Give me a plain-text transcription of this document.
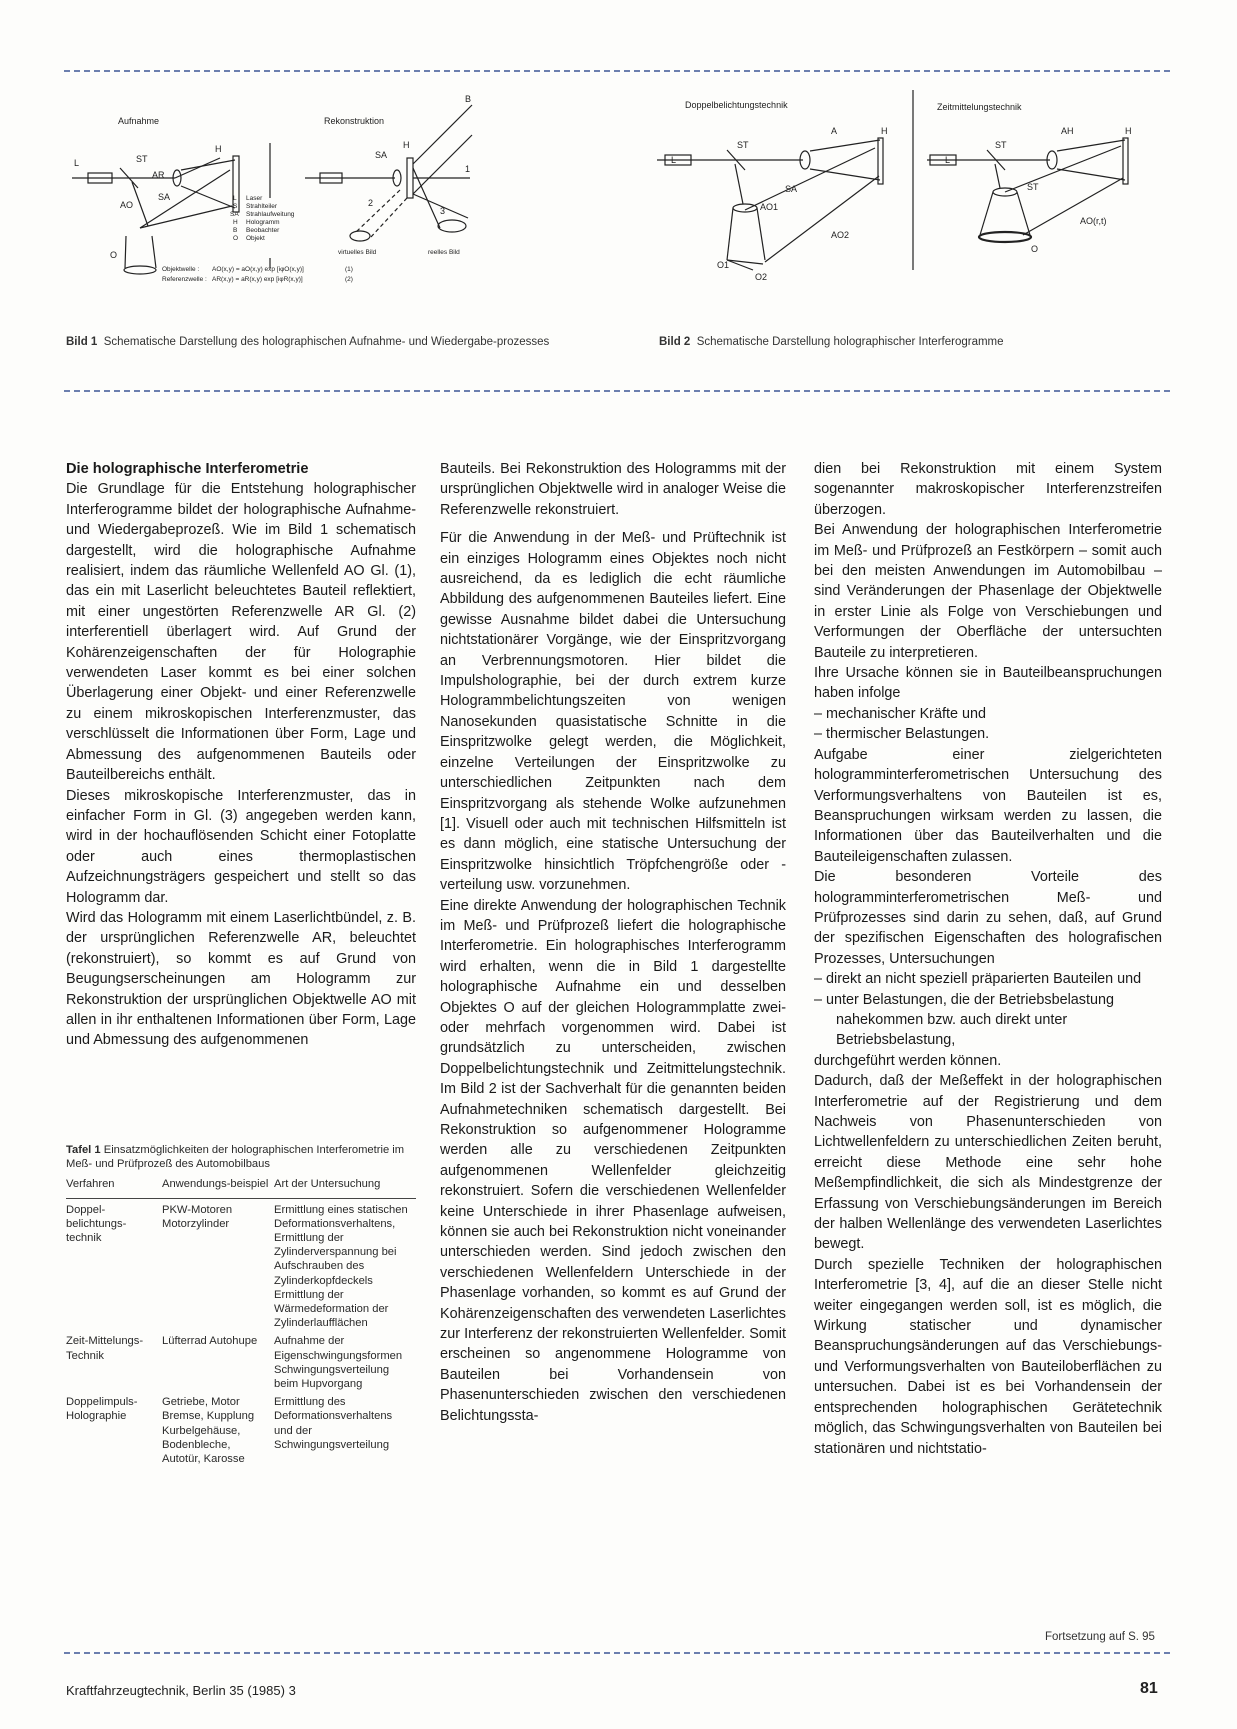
Aufnahme	Rekonstruktion
L	ST
AR
SA
H
AO
O
B
SA
H
1
2
3
L Laser
S Strahlteiler
SA Strahlaufweitung
H Hologramm
B Beobachter
O Objekt
virtuelles Bild	reelles Bild
Objektwelle : AO(x,y) = aO(x,y) exp [iφO(x,y)]	(1)
Referenzwelle : AR(x,y) = aR(x,y) exp [iφR(x,y)]	(2)
Doppelbelichtungstechnik	Zeitmittelungstechnik
L
ST
A	H
SA
AO1
AO2
O1
O2
L
ST
AH	H
ST
AO(r,t)
O
Bild 1 Schematische Darstellung des holographischen Aufnahme- und Wiedergabe-prozesses	Bild 2 Schematische Darstellung holographischer Interferogramme

Die holographische Interferometrie

Die Grundlage für die Entstehung holographischer Interferogramme bildet der holographische Aufnahme- und Wiedergabeprozeß. Wie im Bild 1 schematisch dargestellt, wird die holographische Aufnahme realisiert, indem das räumliche Wellenfeld AO Gl. (1), das ein mit Laserlicht beleuchtetes Bauteil reflektiert, mit einer ungestörten Referenzwelle AR Gl. (2) interferentiell überlagert wird. Auf Grund der Kohärenzeigenschaften der für Holographie verwendeten Laser kommt es bei einer solchen Überlagerung einer Objekt- und einer Referenzwelle zu einem mikroskopischen Interferenzmuster, das verschlüsselt die Informationen über Form, Lage und Abmessung des aufgenommenen Bauteils oder Bauteilbereichs enthält.

Dieses mikroskopische Interferenzmuster, das in einfacher Form in Gl. (3) angegeben werden kann, wird in der hochauflösenden Schicht einer Fotoplatte oder auch eines thermoplastischen Aufzeichnungsträgers gespeichert und stellt so das Hologramm dar.

Wird das Hologramm mit einem Laserlichtbündel, z. B. der ursprünglichen Referenzwelle AR, beleuchtet (rekonstruiert), so kommt es auf Grund von Beugungserscheinungen am Hologramm zur Rekonstruktion der ursprünglichen Objektwelle AO mit allen in ihr enthaltenen Informationen über Form, Lage und Abmessung des aufgenommenen

Tafel 1 Einsatzmöglichkeiten der holographischen Interferometrie im Meß- und Prüfprozeß des Automobilbaus
Verfahren	Anwendungs-beispiel	Art der Untersuchung
Doppel-belichtungs-technik	PKW-Motoren Motorzylinder	Ermittlung eines statischen Deformationsverhaltens, Ermittlung der Zylinderverspannung bei Aufschrauben des Zylinderkopfdeckels Ermittlung der Wärmedeformation der Zylinderlaufflächen
Zeit-Mittelungs-Technik	Lüfterrad Autohupe	Aufnahme der Eigenschwingungsformen Schwingungsverteilung beim Hupvorgang
Doppelimpuls-Holographie	Getriebe, Motor Bremse, Kupplung Kurbelgehäuse, Bodenbleche, Autotür, Karosse	Ermittlung des Deformationsverhaltens und der Schwingungsverteilung

Bauteils. Bei Rekonstruktion des Hologramms mit der ursprünglichen Objektwelle wird in analoger Weise die Referenzwelle rekonstruiert.

Für die Anwendung in der Meß- und Prüftechnik ist ein einziges Hologramm eines Objektes noch nicht ausreichend, da es lediglich die echt räumliche Abbildung des aufgenommenen Bauteiles liefert. Eine gewisse Ausnahme bildet dabei die Untersuchung nichtstationärer Vorgänge, wie der Einspritzvorgang an Verbrennungsmotoren. Hier bildet die Impulsholographie, bei der durch extrem kurze Hologrammbelichtungszeiten von wenigen Nanosekunden quasistatische Schnitte in die Einspritzwolke gelegt werden, die Möglichkeit, einzelne Verteilungen der Einspritzwolke zu unterschiedlichen Zeitpunkten nach dem Einspritzvorgang als stehende Wolke aufzunehmen [1]. Visuell oder auch mit technischen Hilfsmitteln ist es dann möglich, eine statische Untersuchung der Einspritzwolke hinsichtlich Tröpfchengröße oder -verteilung usw. vorzunehmen.

Eine direkte Anwendung der holographischen Technik im Meß- und Prüfprozeß liefert die holographische Interferometrie. Ein holographisches Interferogramm wird erhalten, wenn die in Bild 1 dargestellte holographische Aufnahme ein und desselben Objektes O auf der gleichen Hologrammplatte zwei- oder mehrfach vorgenommen wird. Dabei ist grundsätzlich zu unterscheiden, zwischen Doppelbelichtungstechnik und Zeitmittelungstechnik. Im Bild 2 ist der Sachverhalt für die genannten beiden Aufnahmetechniken schematisch dargestellt. Bei Rekonstruktion so aufgenommener Hologramme werden alle zu verschiedenen Zeitpunkten aufgenommenen Wellenfelder gleichzeitig rekonstruiert. Sofern die verschiedenen Wellenfelder keine Unterschiede in ihrer Phasenlage aufweisen, können sie auch bei Rekonstruktion nicht voneinander unterschieden werden. Sind jedoch zwischen den verschiedenen Wellenfeldern Unterschiede in der Phasenlage vorhanden, so kommt es auf Grund der Kohärenzeigenschaften des verwendeten Laserlichtes zur Interferenz der rekonstruierten Wellenfelder. Somit erscheinen so angenommene Hologramme von Bauteilen bei Vorhandensein von Phasenunterschieden zwischen den verschiedenen Belichtungssta-

dien bei Rekonstruktion mit einem System sogenannter makroskopischer Interferenzstreifen überzogen.

Bei Anwendung der holographischen Interferometrie im Meß- und Prüfprozeß an Festkörpern – somit auch bei den meisten Anwendungen im Automobilbau – sind Veränderungen der Phasenlage der Objektwelle in erster Linie als Folge von Verschiebungen und Verformungen der Oberfläche der untersuchten Bauteile zu interpretieren.

Ihre Ursache können sie in Bauteilbeanspruchungen haben infolge

– mechanischer Kräfte und

– thermischer Belastungen.

Aufgabe einer zielgerichteten hologramminterferometrischen Untersuchung des Verformungsverhaltens von Bauteilen ist es, Beanspruchungen wirksam werden zu lassen, die Informationen über das Bauteilverhalten und die Bauteileigenschaften zulassen.

Die besonderen Vorteile des hologramminterferometrischen Meß- und Prüfprozesses sind darin zu sehen, daß, auf Grund der spezifischen Eigenschaften des holografischen Prozesses, Untersuchungen

– direkt an nicht speziell präparierten Bauteilen und

– unter Belastungen, die der Betriebsbelastung nahekommen bzw. auch direkt unter Betriebsbelastung,

durchgeführt werden können.

Dadurch, daß der Meßeffekt in der holographischen Interferometrie auf der Registrierung und dem Nachweis von Phasenunterschieden von Lichtwellenfeldern zu unterschiedlichen Zeiten beruht, erreicht diese Methode eine sehr hohe Meßempfindlichkeit, die sich als Mindestgrenze der Erfassung von Verschiebungsänderungen im Bereich der halben Wellenlänge des verwendeten Laserlichtes bewegt.

Durch spezielle Techniken der holographischen Interferometrie [3, 4], auf die an dieser Stelle nicht weiter eingegangen werden soll, ist es möglich, die Wirkung statischer und dynamischer Beanspruchungsänderungen auf das Verschiebungs- und Verformungsverhalten von Bauteiloberflächen zu untersuchen. Dabei ist es bei Vorhandensein der entsprechenden holographischen Gerätetechnik möglich, das Schwingungsverhalten von Bauteilen bei stationären und nichtstatio-

Fortsetzung auf S. 95
Kraftfahrzeugtechnik, Berlin 35 (1985) 3	81
